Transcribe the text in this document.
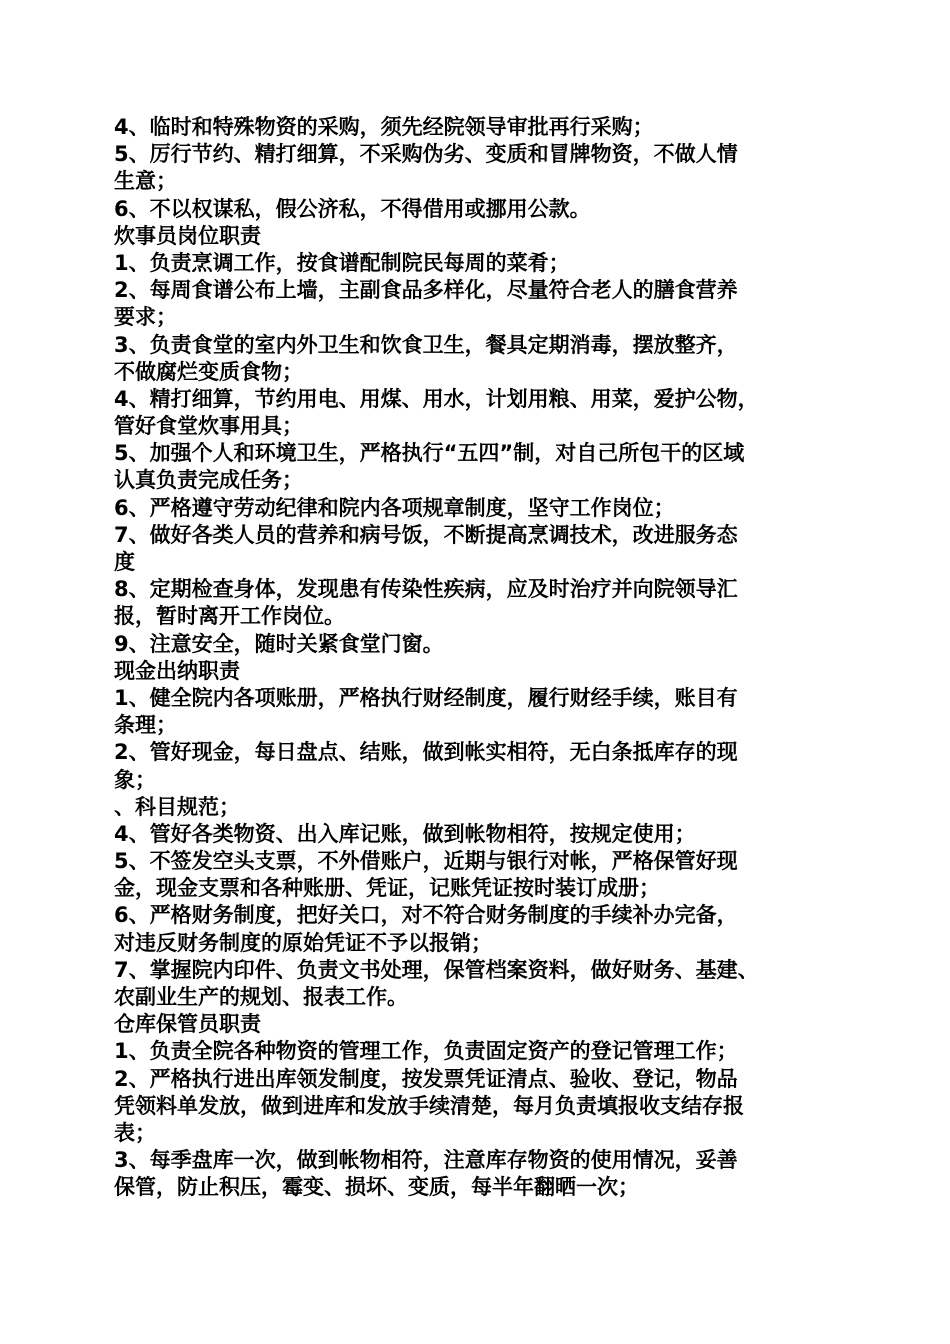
4、临时和特殊物资的采购，须先经院领导审批再行采购；
5、厉行节约、精打细算，不采购伪劣、变质和冒牌物资，不做人情
生意；
6、不以权谋私，假公济私，不得借用或挪用公款。
炊事员岗位职责
1、负责烹调工作，按食谱配制院民每周的菜肴；
2、每周食谱公布上墙，主副食品多样化，尽量符合老人的膳食营养
要求；
3、负责食堂的室内外卫生和饮食卫生，餐具定期消毒，摆放整齐，
不做腐烂变质食物；
4、精打细算，节约用电、用煤、用水，计划用粮、用菜，爱护公物，
管好食堂炊事用具；
5、加强个人和环境卫生，严格执行“五四”制，对自己所包干的区域
认真负责完成任务；
6、严格遵守劳动纪律和院内各项规章制度，坚守工作岗位；
7、做好各类人员的营养和病号饭，不断提高烹调技术，改进服务态
度
8、定期检查身体，发现患有传染性疾病，应及时治疗并向院领导汇
报，暂时离开工作岗位。
9、注意安全，随时关紧食堂门窗。
现金出纳职责
1、健全院内各项账册，严格执行财经制度，履行财经手续，账目有
条理；
2、管好现金，每日盘点、结账，做到帐实相符，无白条抵库存的现
象；
、科目规范；
4、管好各类物资、出入库记账，做到帐物相符，按规定使用；
5、不签发空头支票，不外借账户，近期与银行对帐，严格保管好现
金，现金支票和各种账册、凭证，记账凭证按时装订成册；
6、严格财务制度，把好关口，对不符合财务制度的手续补办完备，
对违反财务制度的原始凭证不予以报销；
7、掌握院内印件、负责文书处理，保管档案资料，做好财务、基建、
农副业生产的规划、报表工作。
仓库保管员职责
1、负责全院各种物资的管理工作，负责固定资产的登记管理工作；
2、严格执行进出库领发制度，按发票凭证清点、验收、登记，物品
凭领料单发放，做到进库和发放手续清楚，每月负责填报收支结存报
表；
3、每季盘库一次，做到帐物相符，注意库存物资的使用情况，妥善
保管，防止积压，霉变、损坏、变质，每半年翻晒一次；
